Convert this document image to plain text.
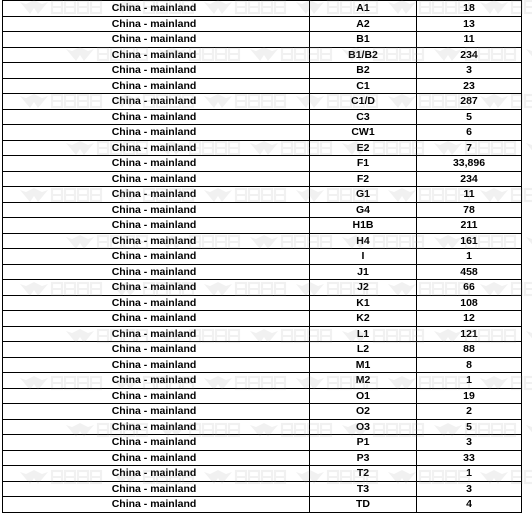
China - mainland	A1	18
China - mainland	A2	13
China - mainland	B1	11
China - mainland	B1/B2	234
China - mainland	B2	3
China - mainland	C1	23
China - mainland	C1/D	287
China - mainland	C3	5
China - mainland	CW1	6
China - mainland	E2	7
China - mainland	F1	33,896
China - mainland	F2	234
China - mainland	G1	11
China - mainland	G4	78
China - mainland	H1B	211
China - mainland	H4	161
China - mainland	I	1
China - mainland	J1	458
China - mainland	J2	66
China - mainland	K1	108
China - mainland	K2	12
China - mainland	L1	121
China - mainland	L2	88
China - mainland	M1	8
China - mainland	M2	1
China - mainland	O1	19
China - mainland	O2	2
China - mainland	O3	5
China - mainland	P1	3
China - mainland	P3	33
China - mainland	T2	1
China - mainland	T3	3
China - mainland	TD	4
